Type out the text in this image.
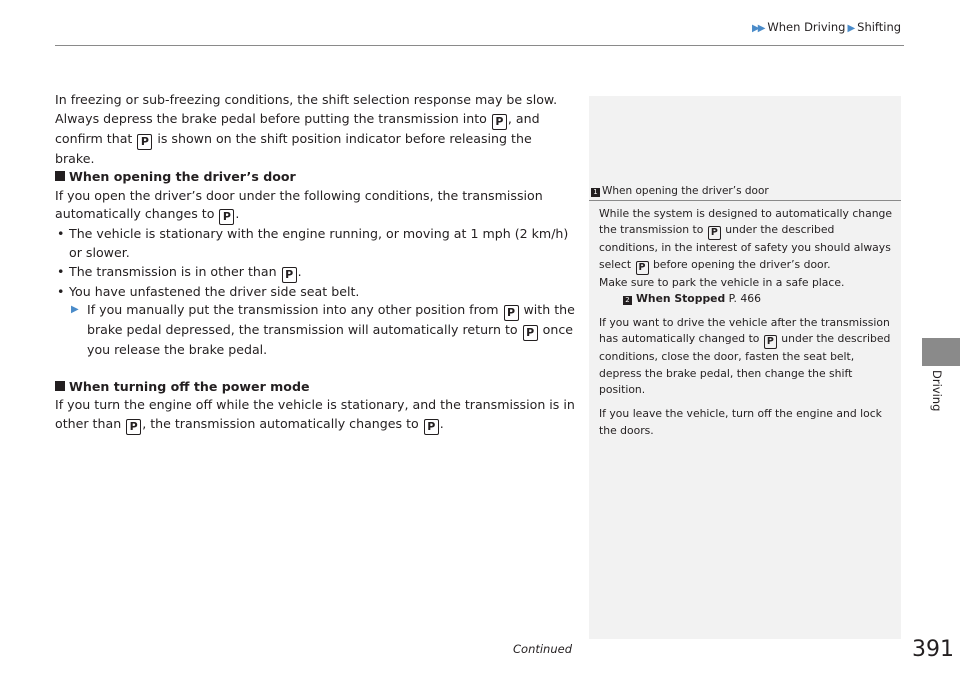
▶▶ When Driving ▶ Shifting

In freezing or sub-freezing conditions, the shift selection response may be slow.
Always depress the brake pedal before putting the transmission into P , and
confirm that P is shown on the shift position indicator before releasing the brake.

When opening the driver’s door

If you open the driver’s door under the following conditions, the transmission
automatically changes to P .

• The vehicle is stationary with the engine running, or moving at 1 mph (2 km/h) or slower.
• The transmission is in other than P .
• You have unfastened the driver side seat belt.

▶ If you manually put the transmission into any other position from P with the brake pedal depressed, the transmission will automatically return to P once you release the brake pedal.

When turning off the power mode

If you turn the engine off while the vehicle is stationary, and the transmission is in
other than P , the transmission automatically changes to P .

1 When opening the driver’s door

While the system is designed to automatically change the transmission to P under the described conditions, in the interest of safety you should always select P before opening the driver’s door.

Make sure to park the vehicle in a safe place.

2 When Stopped P. 466

If you want to drive the vehicle after the transmission has automatically changed to P under the described conditions, close the door, fasten the seat belt, depress the brake pedal, then change the shift position.

If you leave the vehicle, turn off the engine and lock the doors.

Driving
Continued	391
